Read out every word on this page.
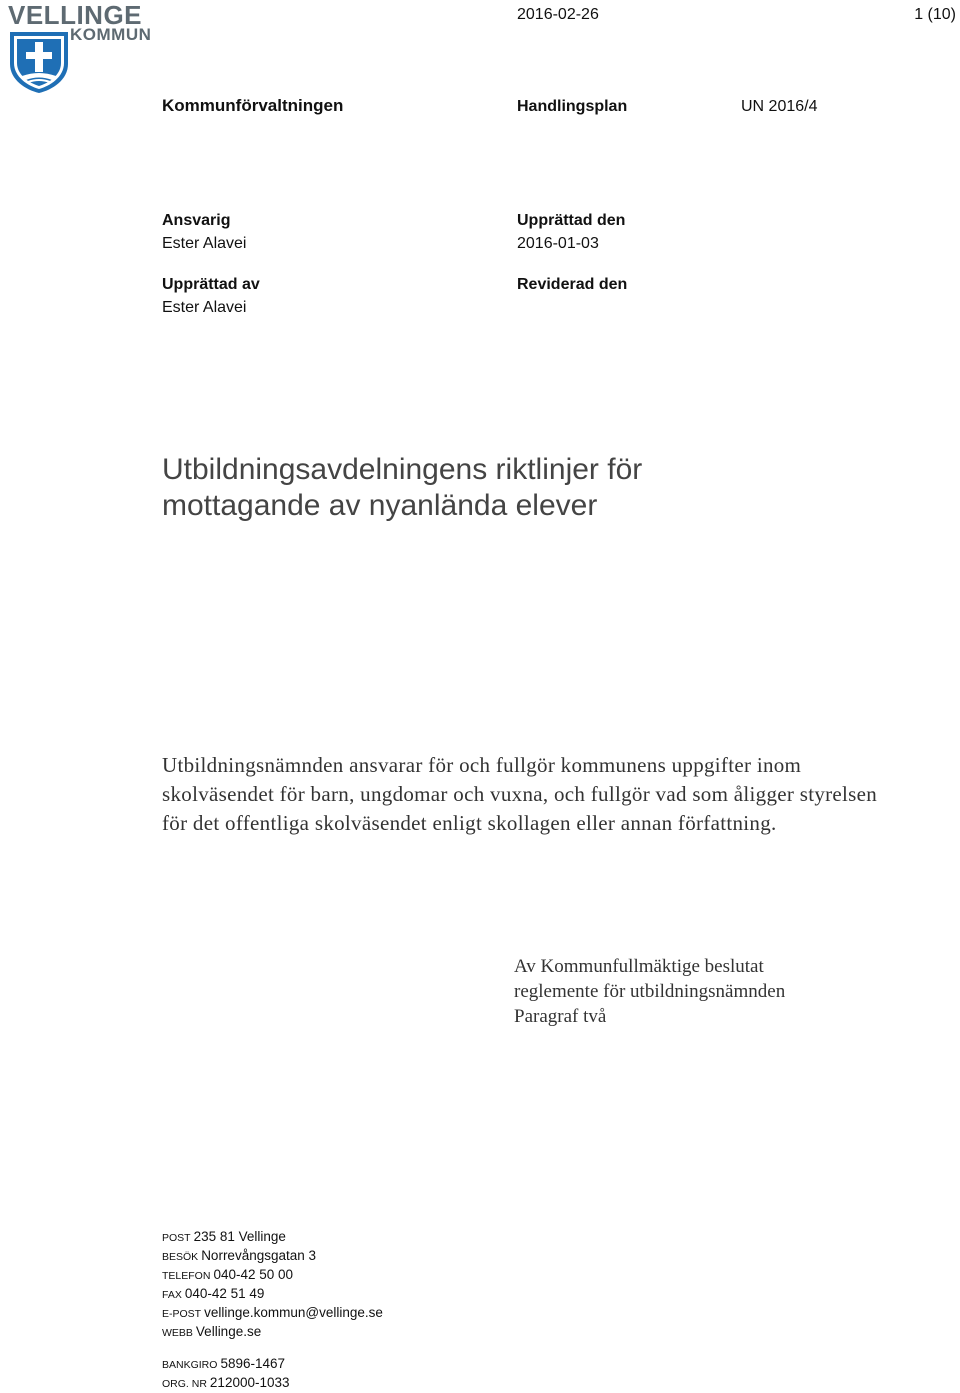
VELLINGE
KOMMUN
2016-02-26	1 (10)
Kommunförvaltningen	Handlingsplan	UN 2016/4
Ansvarig
Ester Alavei
Upprättad av
Ester Alavei
Upprättad den
2016-01-03
Reviderad den
Utbildningsavdelningens riktlinjer för
mottagande av nyanlända elever
Utbildningsnämnden ansvarar för och fullgör kommunens uppgifter inom skolväsendet för barn, ungdomar och vuxna, och fullgör vad som åligger styrelsen för det offentliga skolväsendet enligt skollagen eller annan författning.
Av Kommunfullmäktige beslutat
reglemente för utbildningsnämnden
Paragraf två
POST 235 81 Vellinge
BESÖK Norrevångsgatan 3
TELEFON 040-42 50 00
FAX 040-42 51 49
E-POST vellinge.kommun@vellinge.se
WEBB Vellinge.se
BANKGIRO 5896-1467
ORG. NR 212000-1033
